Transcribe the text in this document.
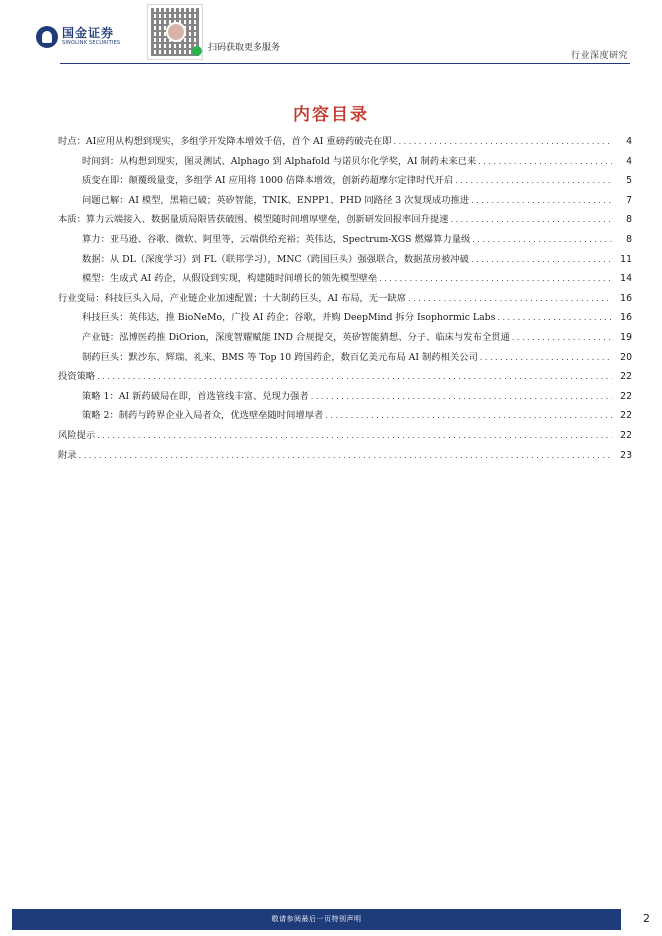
国金证券
SINOLINK SECURITIES	扫码获取更多服务
行业深度研究
内容目录
时点：AI应用从构想到现实，多组学开发降本增效千倍，首个 AI 重磅药破壳在即 . . .	4
时间到：从构想到现实，图灵测试、Alphago 到 Alphafold 与诺贝尔化学奖，AI 制药未来已来 . . .	4
质变在即：颠覆级量变，多组学 AI 应用将 1000 倍降本增效，创新药超摩尔定律时代开启 . . .	5
问题已解：AI 模型，黑箱已破；英矽智能，TNIK、ENPP1、PHD 同路径 3 次复现成功推进 . . .	7
本质：算力云端接入、数据量质局限皆获破围、模型随时间增厚壁垒，创新研发回报率回升提速 . . .	8
算力：亚马逊、谷歌、微软、阿里等，云端供给充裕；英伟达，Spectrum-XGS 燃爆算力量级 . . .	8
数据：从 DL（深度学习）到 FL（联邦学习），MNC（跨国巨头）强强联合，数据茧房被冲破 . . .	11
模型：生成式 AI 药企，从假设到实现，构建随时间增长的领先模型壁垒 . . .	14
行业变局：科技巨头入局，产业链企业加速配置；十大制药巨头，AI 布局，无一缺席 . . .	16
科技巨头：英伟达，推 BioNeMo，广投 AI 药企；谷歌，并购 DeepMind 拆分 Isophormic Labs . . .	16
产业链：泓博医药推 DiOrion，深度智耀赋能 IND 合规提交，英矽智能猜想、分子、临床与发布全贯通 . . .	19
制药巨头：默沙东、辉瑞、礼来、BMS 等 Top 10 跨国药企，数百亿美元布局 AI 制药相关公司 . . .	20
投资策略 . . .	22
策略 1：AI 新药破局在即，首选管线丰富、兑现力强者 . . .	22
策略 2：制药与跨界企业入局者众，优选壁垒随时间增厚者 . . .	22
风险提示 . . .	22
附录 . . .	23
敬请参阅最后一页特别声明	2
